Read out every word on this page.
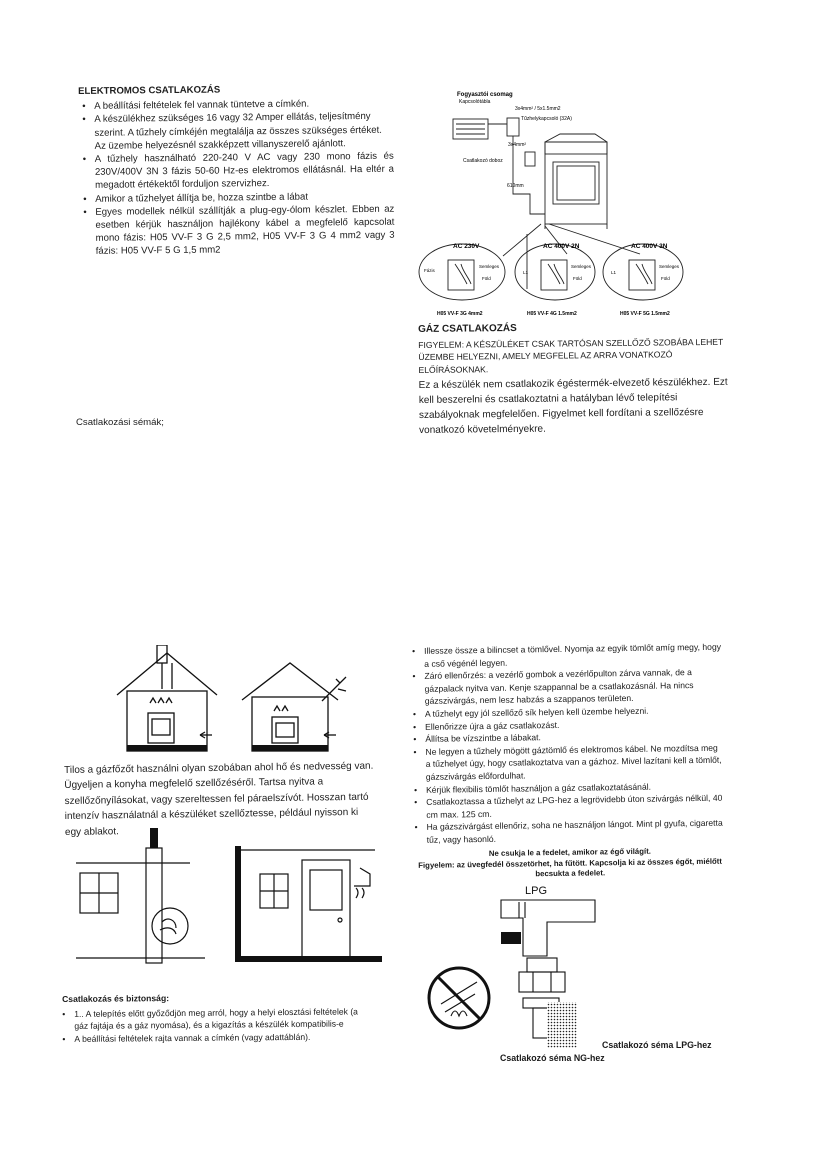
ELEKTROMOS CSATLAKOZÁS
• A beállítási feltételek fel vannak tüntetve a címkén.
• A készülékhez szükséges 16 vagy 32 Amper ellátás, teljesítmény szerint. A tűzhely címkéjén megtalálja az összes szükséges értéket. Az üzembe helyezésnél szakképzett villanyszerelő ajánlott.
• A tűzhely használható 220-240 V AC vagy 230 mono fázis és 230V/400V 3N 3 fázis 50-60 Hz-es elektromos ellátásnál. Ha eltér a megadott értékektől forduljon szervizhez.
• Amikor a tűzhelyet állítja be, hozza szintbe a lábat
• Egyes modellek nélkül szállítják a plug-egy-ólom készlet. Ebben az esetben kérjük használjon hajlékony kábel a megfelelő kapcsolat mono fázis: H05 VV-F 3 G 2,5 mm2, H05 VV-F 3 G 4 mm2 vagy 3 fázis: H05 VV-F 5 G 1,5 mm2
Csatlakozási sémák;
Fogyasztói csomag
Kapcsolótábla
3x4mm² / 5x1.5mm2
Tűzhelykapcsoló (32A)
3x4mm²
Csatlakozó doboz
610mm
AC 230V	AC 400V 2N	AC 400V 3N
Fázis
Semleges
Föld
L1
Semleges
Föld
L1
Semleges
Föld
H05 VV-F 3G 4mm2	H05 VV-F 4G 1.5mm2	H05 VV-F 5G 1.5mm2
GÁZ CSATLAKOZÁS
FIGYELEM: A KÉSZÜLÉKET CSAK TARTÓSAN SZELLŐZŐ SZOBÁBA LEHET ÜZEMBE HELYEZNI, AMELY MEGFELEL AZ ARRA VONATKOZÓ ELŐÍRÁSOKNAK.
Ez a készülék nem csatlakozik égéstermék-elvezető készülékhez. Ezt kell beszerelni és csatlakoztatni a hatályban lévő telepítési szabályoknak megfelelően. Figyelmet kell fordítani a szellőzésre vonatkozó követelményekre.
Tilos a gázfőzőt használni olyan szobában ahol hő és nedvesség van. Ügyeljen a konyha megfelelő szellőzéséről. Tartsa nyitva a szellőzőnyílásokat, vagy szereltessen fel páraelszívót. Hosszan tartó intenzív használatnál a készüléket szellőztesse, például nyisson ki egy ablakot.
Csatlakozás és biztonság:
• 1.. A telepítés előtt győződjön meg arról, hogy a helyi elosztási feltételek (a gáz fajtája és a gáz nyomása), és a kigazítás a készülék kompatibilis-e
• A beállítási feltételek rajta vannak a címkén (vagy adattáblán).
• Illessze össze a bilincset a tömlővel. Nyomja az egyik tömlőt amíg megy, hogy a cső végénél legyen.
• Záró ellenőrzés: a vezérlő gombok a vezérlőpulton zárva vannak, de a gázpalack nyitva van. Kenje szappannal be a csatlakozásnál. Ha nincs gázszivárgás, nem lesz habzás a szappanos területen.
• A tűzhelyt egy jól szellőző sík helyen kell üzembe helyezni.
• Ellenőrizze újra a gáz csatlakozást.
• Állítsa be vízszintbe a lábakat.
• Ne legyen a tűzhely mögött gáztömlő és elektromos kábel. Ne mozdítsa meg a tűzhelyet úgy, hogy csatlakoztatva van a gázhoz. Mivel lazítani kell a tömlőt, gázszivárgás előfordulhat.
• Kérjük flexibilis tömlőt használjon a gáz csatlakoztatásánál.
• Csatlakoztassa a tűzhelyt az LPG-hez a legrövidebb úton szivárgás nélkül, 40 cm max. 125 cm.
• Ha gázszivárgást ellenőriz, soha ne használjon lángot. Mint pl gyufa, cigaretta tűz, vagy hasonló.
Ne csukja le a fedelet, amikor az égő világít.
Figyelem: az üvegfedél összetörhet, ha fűtött. Kapcsolja ki az összes égőt, miélőtt becsukta a fedelet.
LPG
Csatlakozó séma LPG-hez
Csatlakozó séma NG-hez
